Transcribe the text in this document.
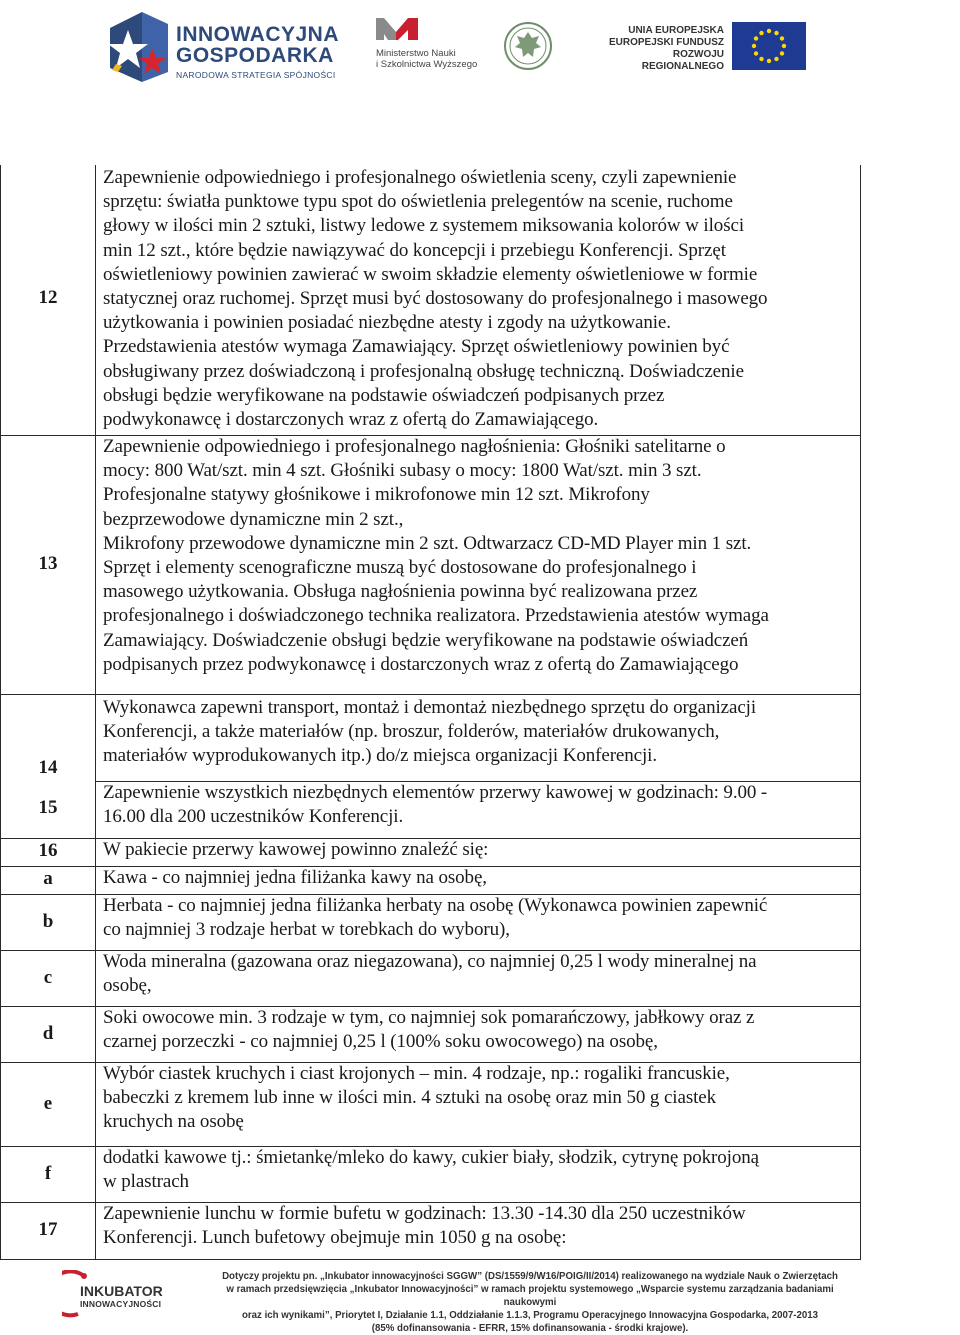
INNOWACYJNA
GOSPODARKA
NARODOWA STRATEGIA SPÓJNOŚCI
Ministerstwo Nauki
i Szkolnictwa Wyższego
UNIA EUROPEJSKA
EUROPEJSKI FUNDUSZ
ROZWOJU REGIONALNEGO
12
Zapewnienie odpowiedniego i profesjonalnego oświetlenia sceny, czyli zapewnienie
sprzętu: światła punktowe typu spot do oświetlenia prelegentów na scenie, ruchome
głowy w ilości min 2 sztuki, listwy ledowe z systemem miksowania kolorów w ilości
min 12 szt., które będzie nawiązywać do koncepcji i przebiegu Konferencji. Sprzęt
oświetleniowy powinien zawierać w swoim składzie elementy oświetleniowe w formie
statycznej oraz ruchomej. Sprzęt musi być dostosowany do profesjonalnego i masowego
użytkowania i powinien posiadać niezbędne atesty i zgody na użytkowanie.
Przedstawienia atestów wymaga Zamawiający. Sprzęt oświetleniowy powinien być
obsługiwany przez doświadczoną i profesjonalną obsługę techniczną. Doświadczenie
obsługi będzie weryfikowane na podstawie oświadczeń podpisanych przez
podwykonawcę i dostarczonych wraz z ofertą do Zamawiającego.
13
Zapewnienie odpowiedniego i profesjonalnego nagłośnienia: Głośniki satelitarne o
mocy: 800 Wat/szt. min 4 szt. Głośniki subasy o mocy: 1800 Wat/szt. min 3 szt.
Profesjonalne statywy głośnikowe i mikrofonowe min 12 szt. Mikrofony
bezprzewodowe dynamiczne min 2 szt.,
Mikrofony przewodowe dynamiczne min 2 szt. Odtwarzacz CD-MD Player min 1 szt.
Sprzęt i elementy scenograficzne muszą być dostosowane do profesjonalnego i
masowego użytkowania. Obsługa nagłośnienia powinna być realizowana przez
profesjonalnego i doświadczonego technika realizatora. Przedstawienia atestów wymaga
Zamawiający. Doświadczenie obsługi będzie weryfikowane na podstawie oświadczeń
podpisanych przez podwykonawcę i dostarczonych wraz z ofertą do Zamawiającego
14
Wykonawca zapewni transport, montaż i demontaż niezbędnego sprzętu do organizacji
Konferencji, a także materiałów (np. broszur, folderów, materiałów drukowanych,
materiałów wyprodukowanych itp.) do/z miejsca organizacji Konferencji.
15
Zapewnienie wszystkich niezbędnych elementów przerwy kawowej w godzinach: 9.00 -
16.00 dla 200 uczestników Konferencji.
16	W pakiecie przerwy kawowej powinno znaleźć się:
a	Kawa - co najmniej jedna filiżanka kawy na osobę,
b
Herbata - co najmniej jedna filiżanka herbaty na osobę (Wykonawca powinien zapewnić
co najmniej 3 rodzaje herbat w torebkach do wyboru),
c
Woda mineralna (gazowana oraz niegazowana), co najmniej 0,25 l wody mineralnej na
osobę,
d
Soki owocowe min. 3 rodzaje w tym, co najmniej sok pomarańczowy, jabłkowy oraz z
czarnej porzeczki - co najmniej 0,25 l (100% soku owocowego) na osobę,
e
Wybór ciastek kruchych i ciast krojonych – min. 4 rodzaje, np.: rogaliki francuskie,
babeczki z kremem lub inne w ilości min. 4 sztuki na osobę oraz min 50 g ciastek
kruchych na osobę
f
dodatki kawowe tj.: śmietankę/mleko do kawy, cukier biały, słodzik, cytrynę pokrojoną
w plastrach
17
Zapewnienie lunchu w formie bufetu w godzinach: 13.30 -14.30 dla 250 uczestników
Konferencji. Lunch bufetowy obejmuje min 1050 g na osobę:
INKUBATOR
INNOWACYJNOŚCI
Dotyczy projektu pn. „Inkubator innowacyjności SGGW” (DS/1559/9/W16/POIG/II/2014) realizowanego na wydziale Nauk o Zwierzętach
w ramach przedsięwzięcia „Inkubator Innowacyjności” w ramach projektu systemowego „Wsparcie systemu zarządzania badaniami naukowymi
oraz ich wynikami”, Priorytet I, Działanie 1.1, Oddziałanie 1.1.3, Programu Operacyjnego Innowacyjna Gospodarka, 2007-2013
(85% dofinansowania - EFRR, 15% dofinansowania - środki krajowe).
